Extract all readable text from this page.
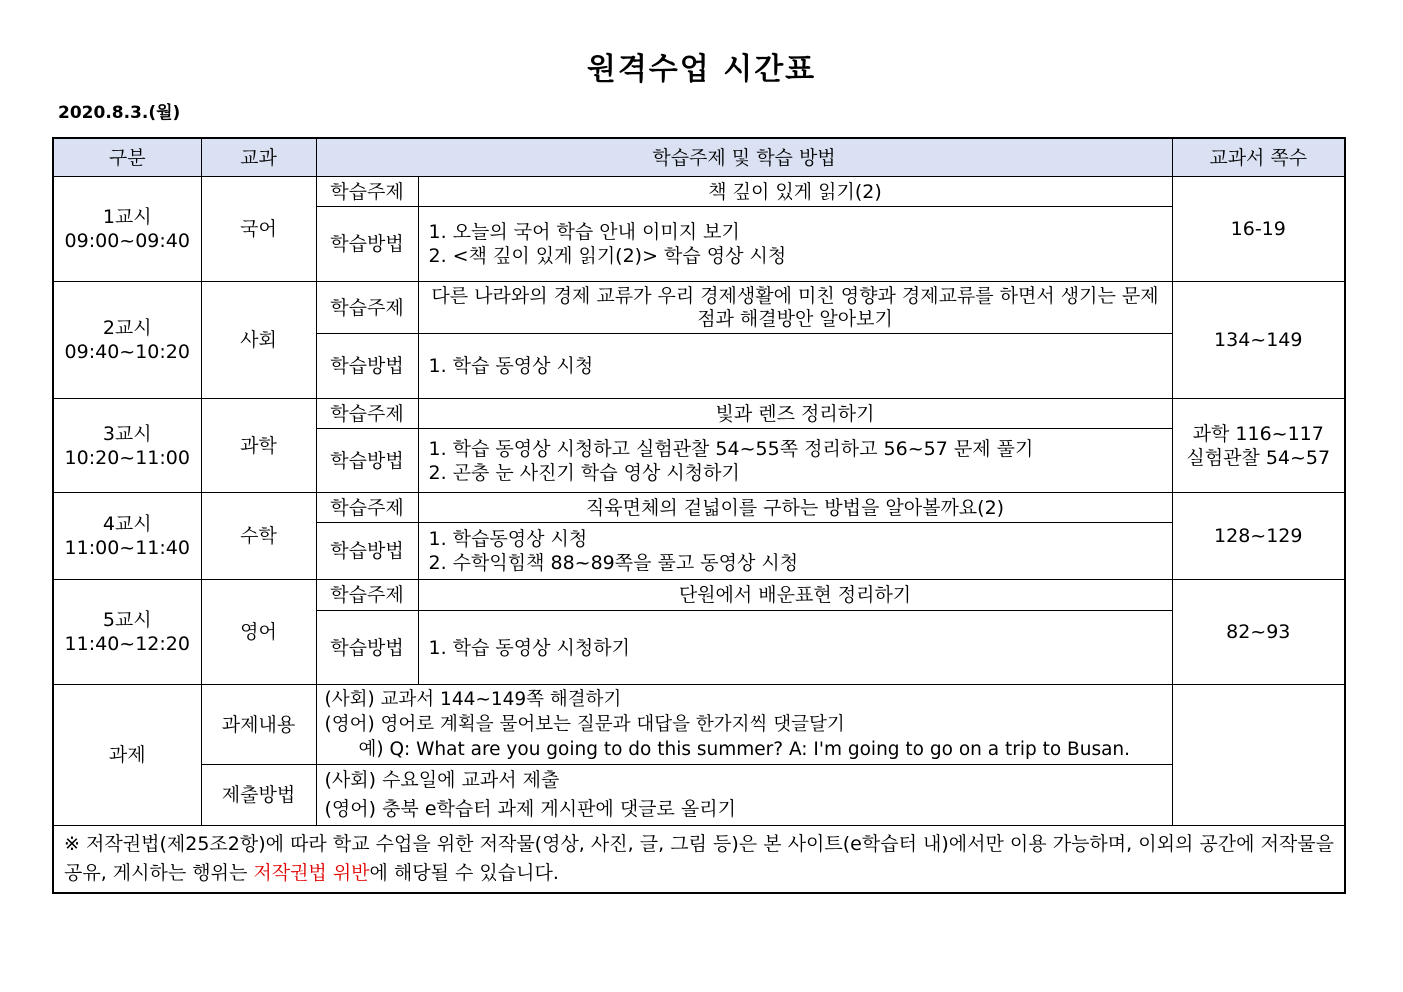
원격수업 시간표
2020.8.3.(월)
구분	교과	학습주제 및 학습 방법		교과서 쪽수

1교시
09:00~09:40	국어	학습주제	책 깊이 있게 읽기(2)	16-19
		학습방법	1. 오늘의 국어 학습 안내 이미지 보기
2. <책 깊이 있게 읽기(2)> 학습 영상 시청	

2교시
09:40~10:20	사회	학습주제	다른 나라와의 경제 교류가 우리 경제생활에 미친 영향과 경제교류를 하면서 생기는 문제점과 해결방안 알아보기	134~149
		학습방법	1. 학습 동영상 시청	

3교시
10:20~11:00	과학	학습주제	빛과 렌즈 정리하기	과학 116~117
실험관찰 54~57

		학습방법	1. 학습 동영상 시청하고 실험관찰 54~55쪽 정리하고 56~57 문제 풀기
2. 곤충 눈 사진기 학습 영상 시청하기	

4교시
11:00~11:40	수학	학습주제	직육면체의 겉넓이를 구하는 방법을 알아볼까요(2)	128~129
		학습방법	1. 학습동영상 시청
2. 수학익힘책 88~89쪽을 풀고 동영상 시청	

5교시
11:40~12:20	영어	학습주제	단원에서 배운표현 정리하기	82~93
		학습방법	1. 학습 동영상 시청하기	

과제	과제내용	(사회) 교과서 144~149쪽 해결하기
(영어) 영어로 계획을 물어보는 질문과 대답을 한가지씩 댓글달기
예) Q: What are you going to do this summer? A: I'm going to go on a trip to Busan.		

	제출방법	(사회) 수요일에 교과서 제출
(영어) 충북 e학습터 과제 게시판에 댓글로 올리기		

※ 저작권법(제25조2항)에 따라 학교 수업을 위한 저작물(영상, 사진, 글, 그림 등)은 본 사이트(e학습터 내)에서만 이용 가능하며, 이외의 공간에 저작물을 공유, 게시하는 행위는 저작권법 위반에 해당될 수 있습니다.				
